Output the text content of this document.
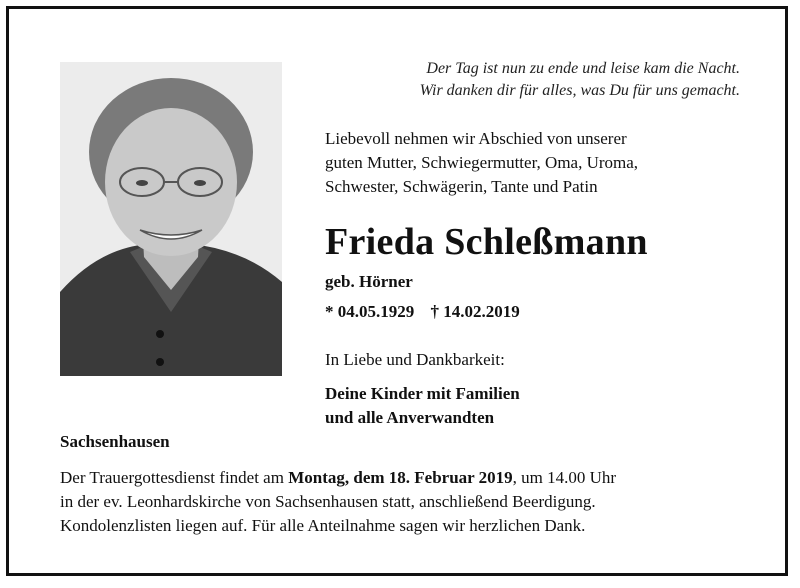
Der Tag ist nun zu ende und leise kam die Nacht.
Wir danken dir für alles, was Du für uns gemacht.
Liebevoll nehmen wir Abschied von unserer
guten Mutter, Schwiegermutter, Oma, Uroma,
Schwester, Schwägerin, Tante und Patin
Frieda Schleßmann
geb. Hörner
* 04.05.1929 † 14.02.2019
In Liebe und Dankbarkeit:
Deine Kinder mit Familien
und alle Anverwandten
Sachsenhausen
Der Trauergottesdienst findet am Montag, dem 18. Februar 2019, um 14.00 Uhr
in der ev. Leonhardskirche von Sachsenhausen statt, anschließend Beerdigung.
Kondolenzlisten liegen auf. Für alle Anteilnahme sagen wir herzlichen Dank.
